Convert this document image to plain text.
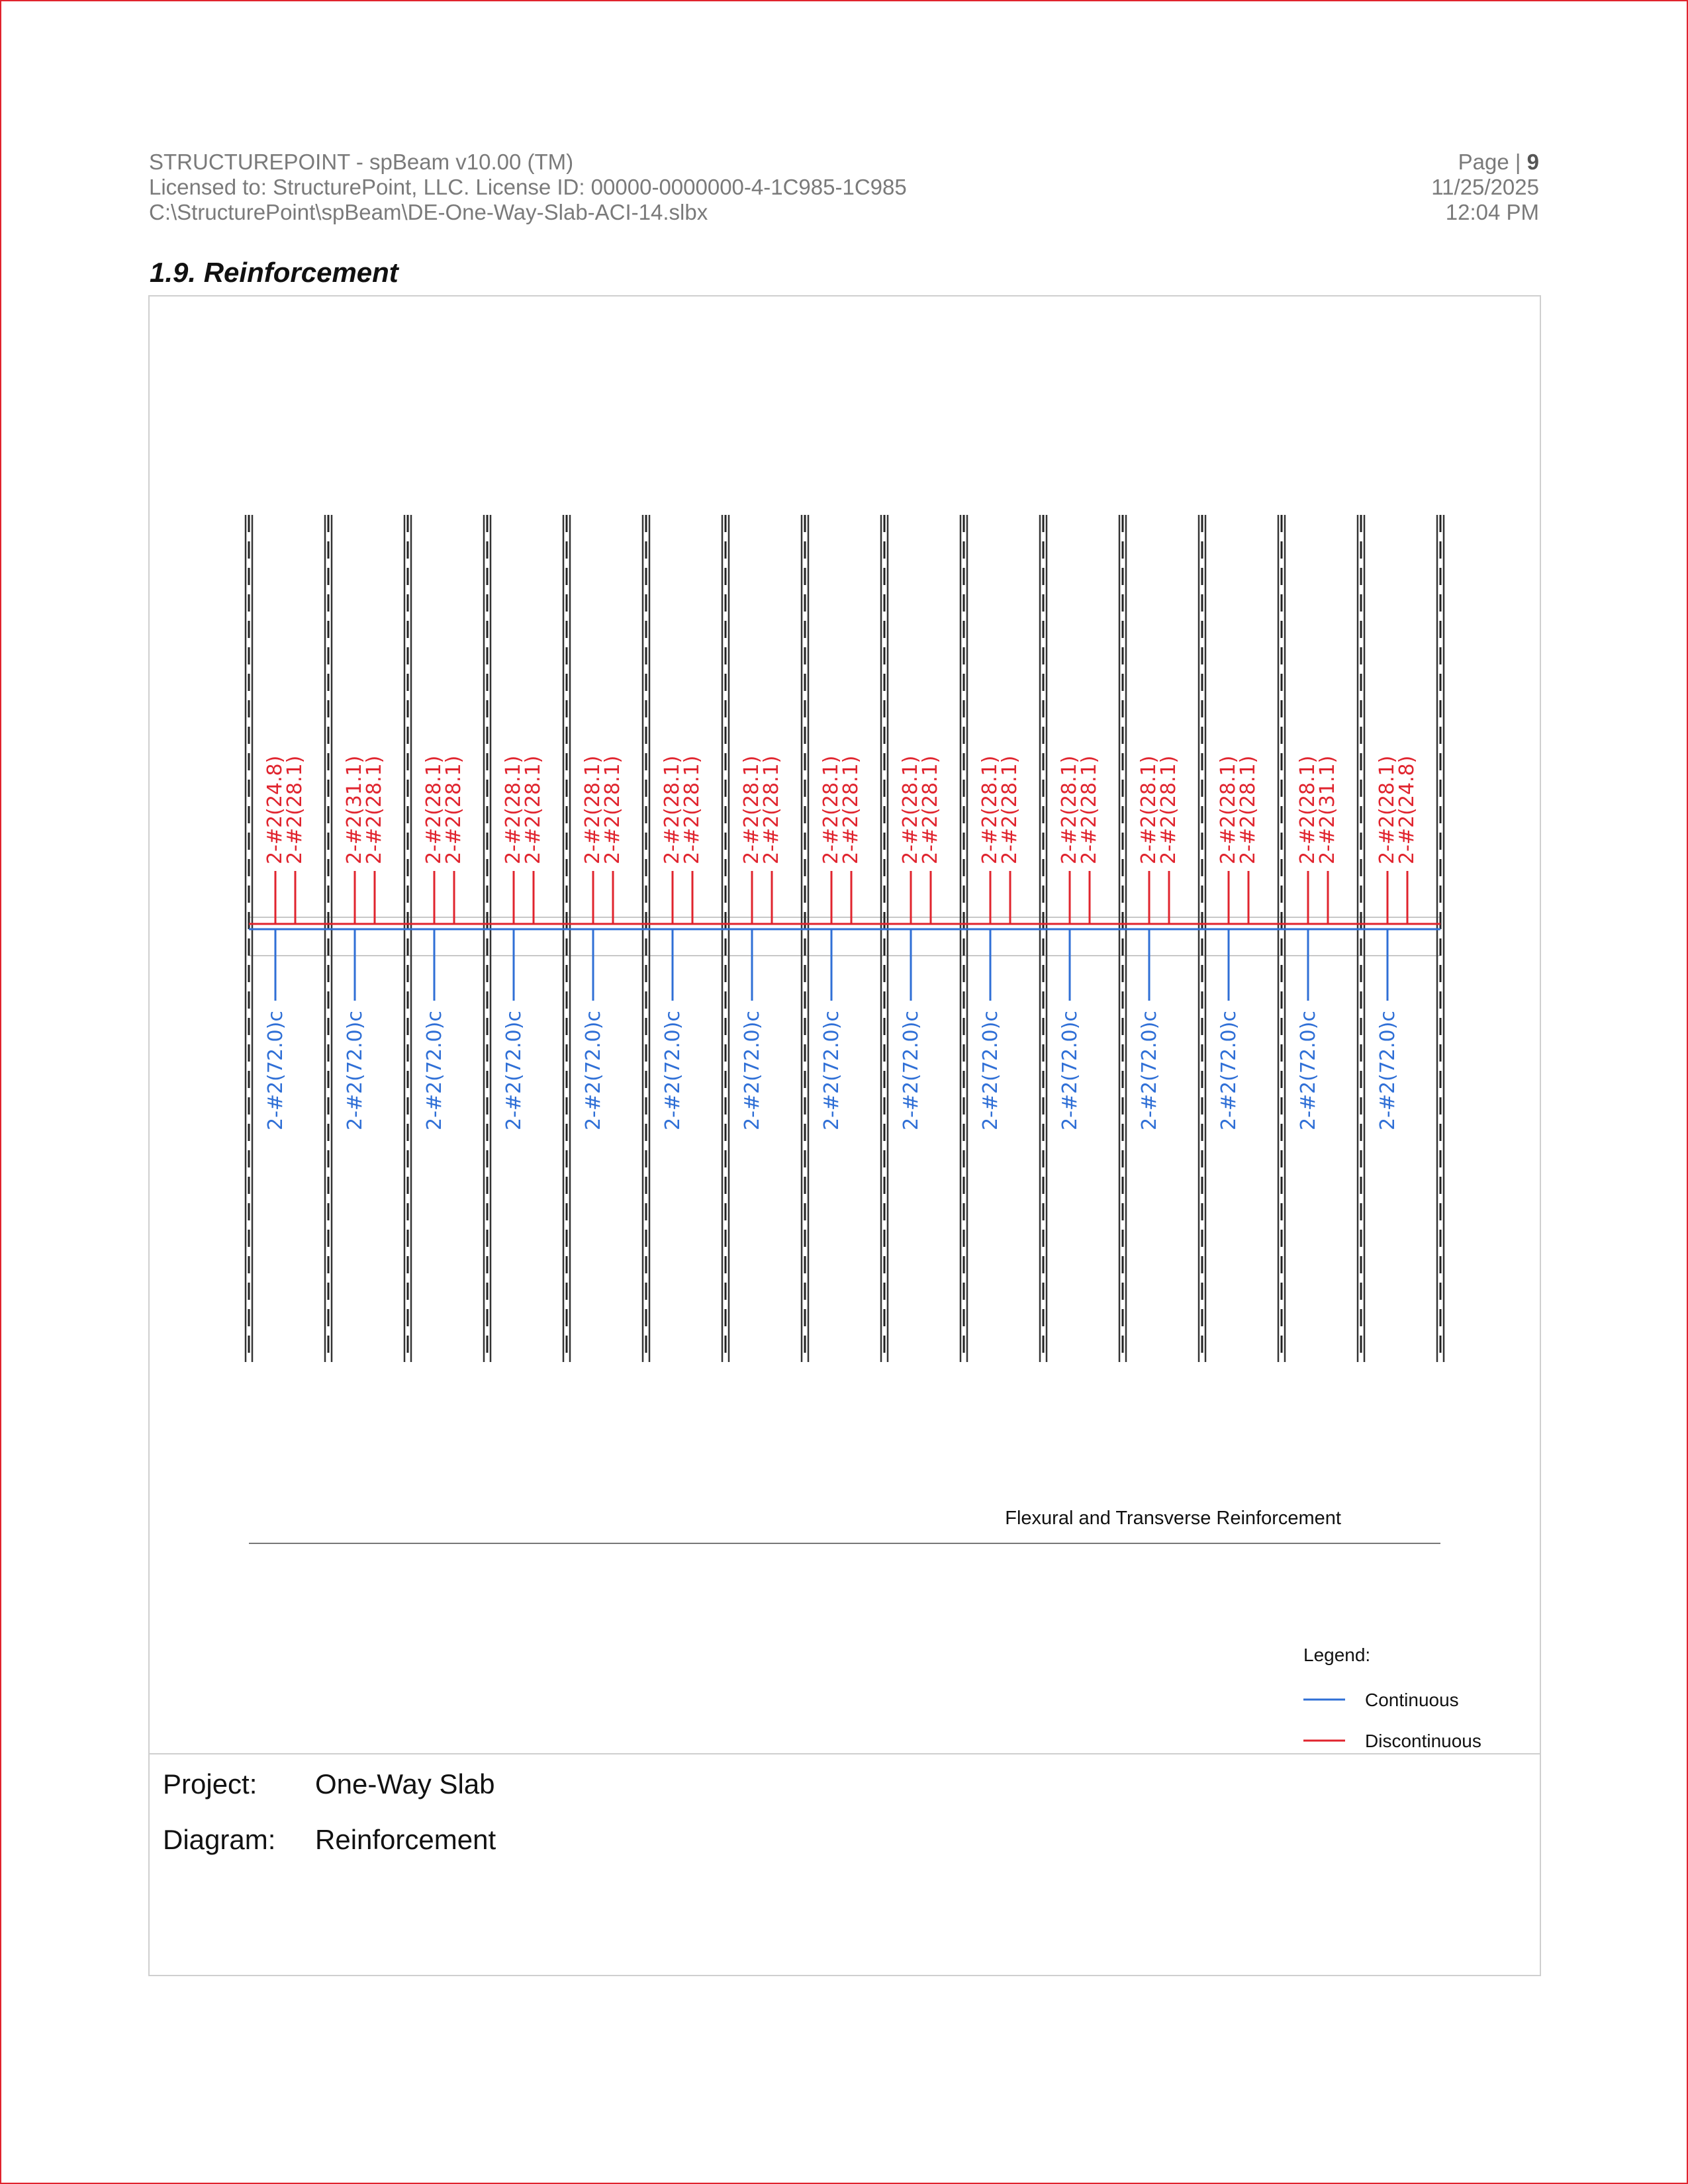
STRUCTUREPOINT - spBeam v10.00 (TM)
Licensed to: StructurePoint, LLC. License ID: 00000-0000000-4-1C985-1C985
C:\StructurePoint\spBeam\DE-One-Way-Slab-ACI-14.slbx
Page | 9
11/25/2025
12:04 PM
1.9. Reinforcement
2-#2(24.8)
2-#2(28.1)
2-#2(72.0)c
2-#2(31.1)
2-#2(28.1)
2-#2(72.0)c
2-#2(28.1)
2-#2(28.1)
2-#2(72.0)c
2-#2(28.1)
2-#2(28.1)
2-#2(72.0)c
2-#2(28.1)
2-#2(28.1)
2-#2(72.0)c
2-#2(28.1)
2-#2(28.1)
2-#2(72.0)c
2-#2(28.1)
2-#2(28.1)
2-#2(72.0)c
2-#2(28.1)
2-#2(28.1)
2-#2(72.0)c
2-#2(28.1)
2-#2(28.1)
2-#2(72.0)c
2-#2(28.1)
2-#2(28.1)
2-#2(72.0)c
2-#2(28.1)
2-#2(28.1)
2-#2(72.0)c
2-#2(28.1)
2-#2(28.1)
2-#2(72.0)c
2-#2(28.1)
2-#2(28.1)
2-#2(72.0)c
2-#2(28.1)
2-#2(31.1)
2-#2(72.0)c
2-#2(28.1)
2-#2(24.8)
2-#2(72.0)c
Flexural and Transverse Reinforcement
Legend:
Continuous
Discontinuous
Project: One-Way Slab
Diagram: Reinforcement
